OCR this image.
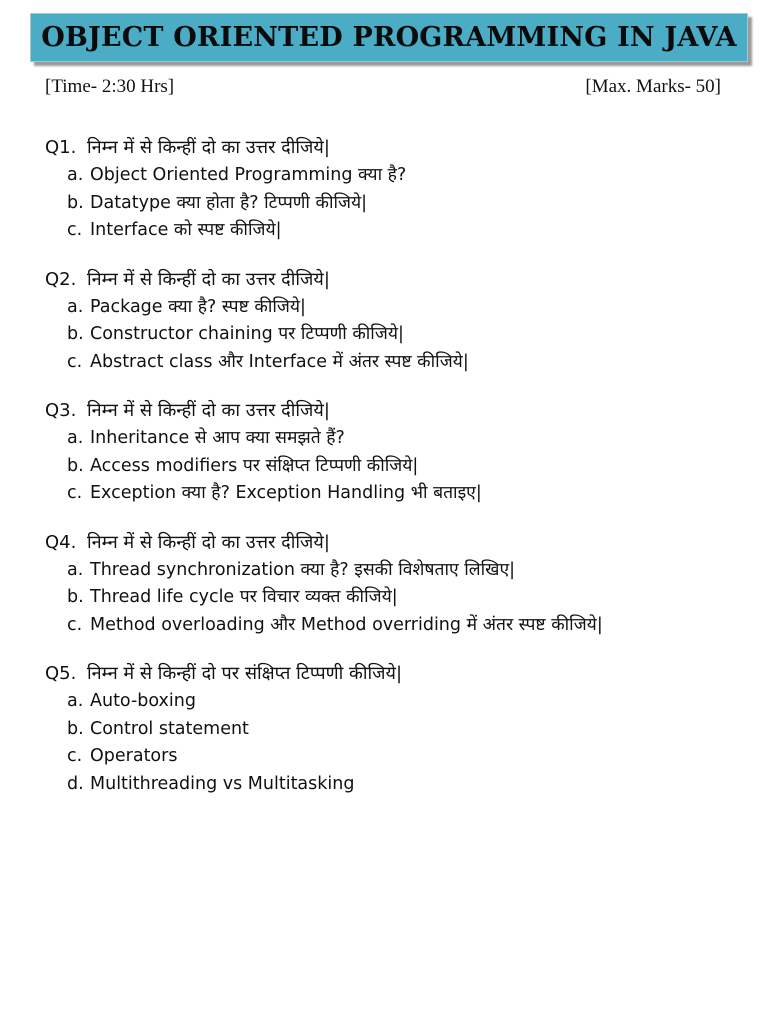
OBJECT ORIENTED PROGRAMMING IN JAVA
[Time- 2:30 Hrs]	[Max. Marks- 50]
Q1. निम्न में से किन्हीं दो का उत्तर दीजिये|
a. Object Oriented Programming क्या है?
b. Datatype क्या होता है? टिप्पणी कीजिये|
c. Interface को स्पष्ट कीजिये|
Q2. निम्न में से किन्हीं दो का उत्तर दीजिये|
a. Package क्या है? स्पष्ट कीजिये|
b. Constructor chaining पर टिप्पणी कीजिये|
c. Abstract class और Interface में अंतर स्पष्ट कीजिये|
Q3. निम्न में से किन्हीं दो का उत्तर दीजिये|
a. Inheritance से आप क्या समझते हैं?
b. Access modifiers पर संक्षिप्त टिप्पणी कीजिये|
c. Exception क्या है? Exception Handling भी बताइए|
Q4. निम्न में से किन्हीं दो का उत्तर दीजिये|
a. Thread synchronization क्या है? इसकी विशेषताए लिखिए|
b. Thread life cycle पर विचार व्यक्त कीजिये|
c. Method overloading और Method overriding में अंतर स्पष्ट कीजिये|
Q5. निम्न में से किन्हीं दो पर संक्षिप्त टिप्पणी कीजिये|
a. Auto-boxing
b. Control statement
c. Operators
d. Multithreading vs Multitasking
